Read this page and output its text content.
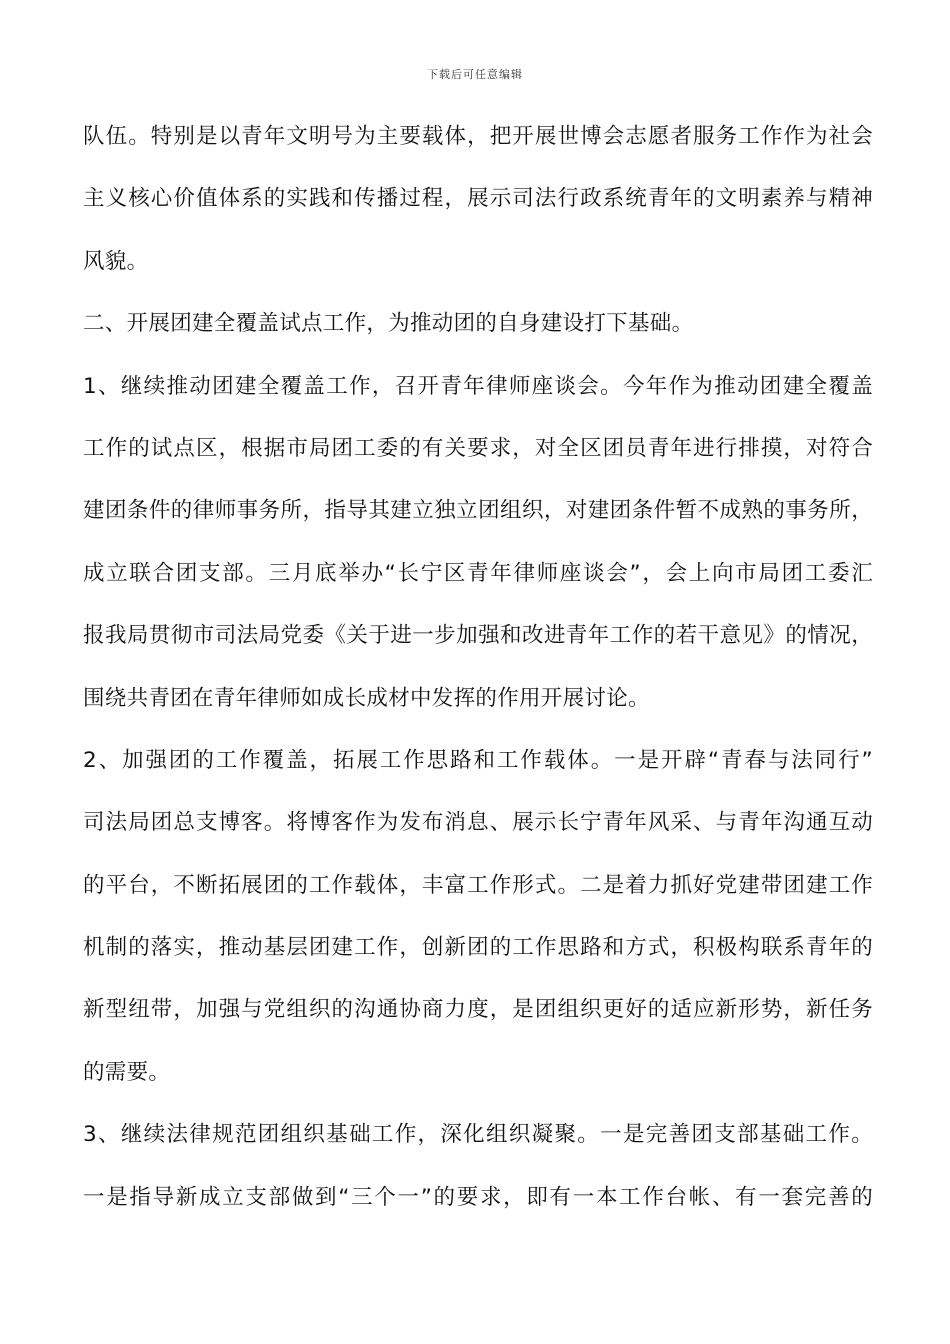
下载后可任意编辑
队伍。特别是以青年文明号为主要载体，把开展世博会志愿者服务工作作为社会
主义核心价值体系的实践和传播过程，展示司法行政系统青年的文明素养与精神
风貌。
二、开展团建全覆盖试点工作，为推动团的自身建设打下基础。
1、继续推动团建全覆盖工作，召开青年律师座谈会。今年作为推动团建全覆盖
工作的试点区，根据市局团工委的有关要求，对全区团员青年进行排摸，对符合
建团条件的律师事务所，指导其建立独立团组织，对建团条件暂不成熟的事务所，
成立联合团支部。三月底举办“长宁区青年律师座谈会”，会上向市局团工委汇
报我局贯彻市司法局党委《关于进一步加强和改进青年工作的若干意见》的情况，
围绕共青团在青年律师如成长成材中发挥的作用开展讨论。
2、加强团的工作覆盖，拓展工作思路和工作载体。一是开辟“青春与法同行”
司法局团总支博客。将博客作为发布消息、展示长宁青年风采、与青年沟通互动
的平台，不断拓展团的工作载体，丰富工作形式。二是着力抓好党建带团建工作
机制的落实，推动基层团建工作，创新团的工作思路和方式，积极构联系青年的
新型纽带，加强与党组织的沟通协商力度，是团组织更好的适应新形势，新任务
的需要。
3、继续法律规范团组织基础工作，深化组织凝聚。一是完善团支部基础工作。
一是指导新成立支部做到“三个一”的要求，即有一本工作台帐、有一套完善的
